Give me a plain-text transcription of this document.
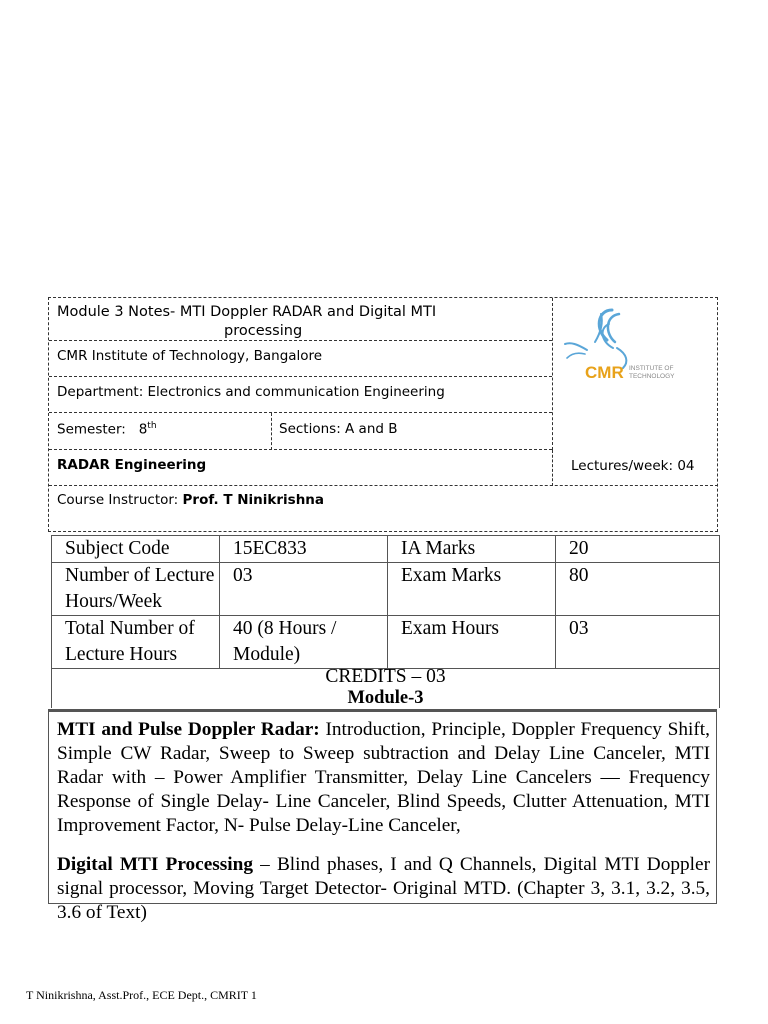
Module 3 Notes- MTI Doppler RADAR and Digital MTI
processing
CMR Institute of Technology, Bangalore
Department: Electronics and communication Engineering
Semester: 8th	Sections: A and B
RADAR Engineering	Lectures/week: 04
Course Instructor: Prof. T Ninikrishna
CMR INSTITUTE OF
TECHNOLOGY
Subject Code	15EC833	IA Marks	20
Number of Lecture Hours/Week	03	Exam Marks	80
Total Number of Lecture Hours	40 (8 Hours / Module)	Exam Hours	03
CREDITS – 03
Module-3
MTI and Pulse Doppler Radar: Introduction, Principle, Doppler Frequency Shift, Simple CW Radar, Sweep to Sweep subtraction and Delay Line Canceler, MTI Radar with – Power Amplifier Transmitter, Delay Line Cancelers — Frequency Response of Single Delay- Line Canceler, Blind Speeds, Clutter Attenuation, MTI Improvement Factor, N- Pulse Delay-Line Canceler,
Digital MTI Processing – Blind phases, I and Q Channels, Digital MTI Doppler signal processor, Moving Target Detector- Original MTD. (Chapter 3, 3.1, 3.2, 3.5, 3.6 of Text)
T Ninikrishna, Asst.Prof., ECE Dept., CMRIT 1
